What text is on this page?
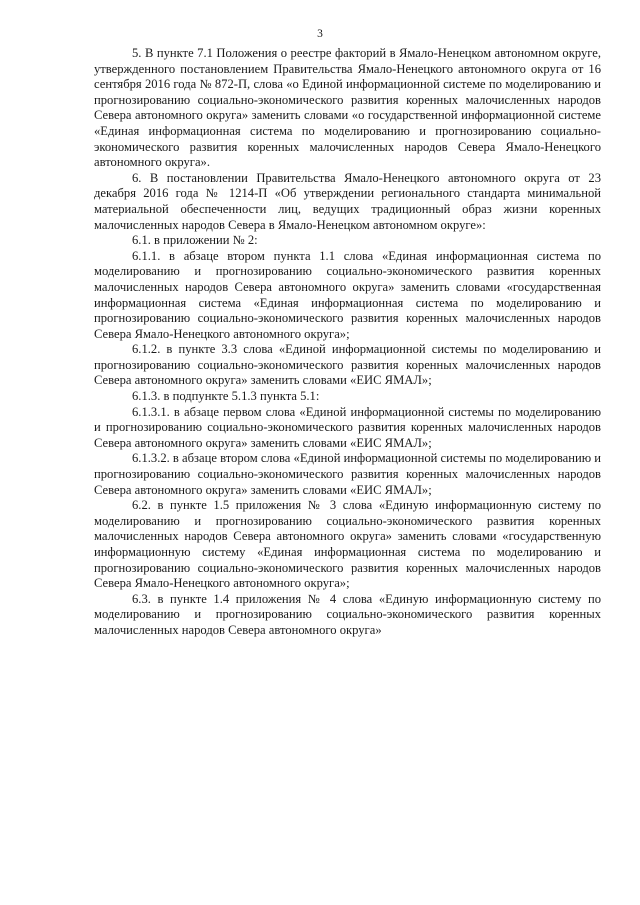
3

5. В пункте 7.1 Положения о реестре факторий в Ямало-Ненецком автономном округе, утвержденного постановлением Правительства Ямало-Ненецкого автономного округа от 16 сентября 2016 года № 872-П, слова «о Единой информационной системе по моделированию и прогнозированию социально-экономического развития коренных малочисленных народов Севера автономного округа» заменить словами «о государственной информационной системе «Единая информационная система по моделированию и прогнозированию социально-экономического развития коренных малочисленных народов Севера Ямало-Ненецкого автономного округа».

6. В постановлении Правительства Ямало-Ненецкого автономного округа от 23 декабря 2016 года № 1214-П «Об утверждении регионального стандарта минимальной материальной обеспеченности лиц, ведущих традиционный образ жизни коренных малочисленных народов Севера в Ямало-Ненецком автономном округе»:

6.1. в приложении № 2:

6.1.1. в абзаце втором пункта 1.1 слова «Единая информационная система по моделированию и прогнозированию социально-экономического развития коренных малочисленных народов Севера автономного округа» заменить словами «государственная информационная система «Единая информационная система по моделированию и прогнозированию социально-экономического развития коренных малочисленных народов Севера Ямало-Ненецкого автономного округа»;

6.1.2. в пункте 3.3 слова «Единой информационной системы по моделированию и прогнозированию социально-экономического развития коренных малочисленных народов Севера автономного округа» заменить словами «ЕИС ЯМАЛ»;

6.1.3. в подпункте 5.1.3 пункта 5.1:

6.1.3.1. в абзаце первом слова «Единой информационной системы по моделированию и прогнозированию социально-экономического развития коренных малочисленных народов Севера автономного округа» заменить словами «ЕИС ЯМАЛ»;

6.1.3.2. в абзаце втором слова «Единой информационной системы по моделированию и прогнозированию социально-экономического развития коренных малочисленных народов Севера автономного округа» заменить словами «ЕИС ЯМАЛ»;

6.2. в пункте 1.5 приложения № 3 слова «Единую информационную систему по моделированию и прогнозированию социально-экономического развития коренных малочисленных народов Севера автономного округа» заменить словами «государственную информационную систему «Единая информационная система по моделированию и прогнозированию социально-экономического развития коренных малочисленных народов Севера Ямало-Ненецкого автономного округа»;

6.3. в пункте 1.4 приложения № 4 слова «Единую информационную систему по моделированию и прогнозированию социально-экономического развития коренных малочисленных народов Севера автономного округа»
